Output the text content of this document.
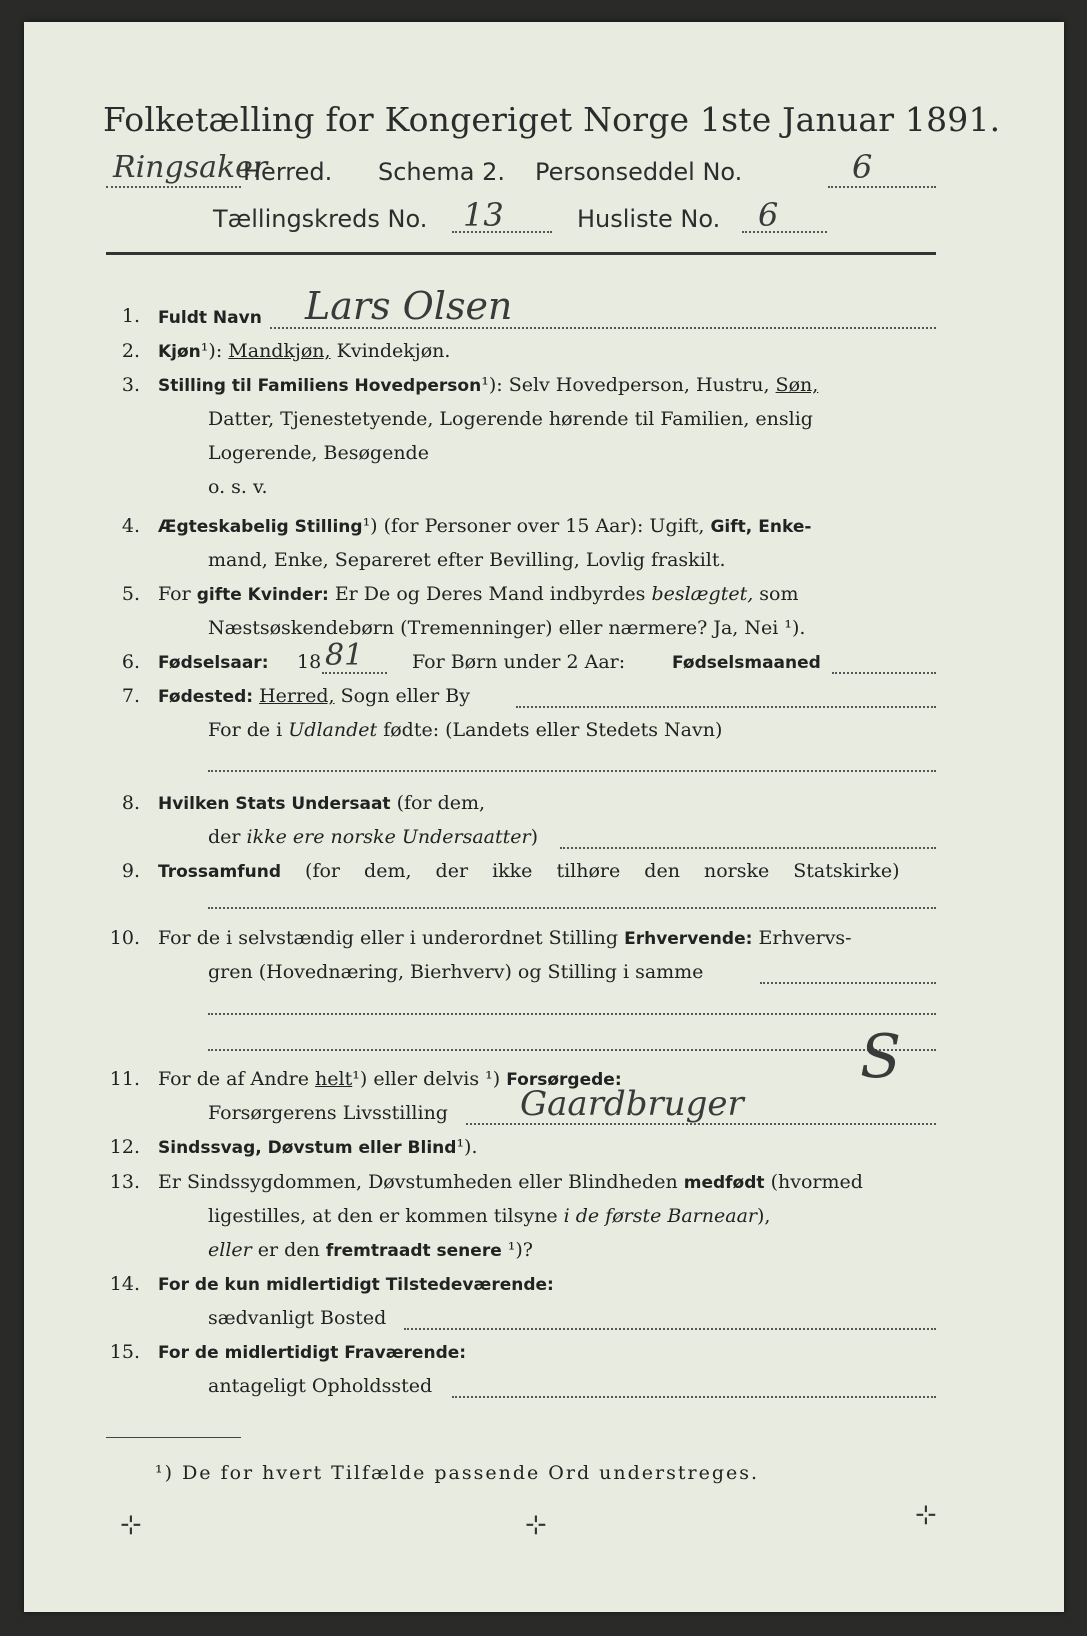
Folketælling for Kongeriget Norge 1ste Januar 1891.
Ringsaker
Herred. Schema 2. Personseddel No.	6
Tællingskreds No. 13	Husliste No. 6
1. Fuldt Navn Lars Olsen
2. Kjøn¹): Mandkjøn, Kvindekjøn.
3. Stilling til Familiens Hovedperson¹): Selv Hovedperson, Hustru, Søn,
Datter, Tjenestetyende, Logerende hørende til Familien, enslig
Logerende, Besøgende
o. s. v.
4. Ægteskabelig Stilling¹) (for Personer over 15 Aar): Ugift, Gift, Enke-
mand, Enke, Separeret efter Bevilling, Lovlig fraskilt.
5. For gifte Kvinder: Er De og Deres Mand indbyrdes beslægtet, som
Næstsøskendebørn (Tremenninger) eller nærmere? Ja, Nei ¹).
6. Fødselsaar: 18 81	For Børn under 2 Aar:	Fødselsmaaned
7. Fødested: Herred, Sogn eller By
For de i Udlandet fødte: (Landets eller Stedets Navn)
8. Hvilken Stats Undersaat (for dem,
der ikke ere norske Undersaatter)
9. Trossamfund (for dem, der ikke tilhøre den norske Statskirke)
10. For de i selvstændig eller i underordnet Stilling Erhvervende: Erhvervs-
gren (Hovednæring, Bierhverv) og Stilling i samme
11. For de af Andre helt¹) eller delvis ¹) Forsørgede:	S
Forsørgerens Livsstilling Gaardbruger
12. Sindssvag, Døvstum eller Blind¹).
13. Er Sindssygdommen, Døvstumheden eller Blindheden medfødt (hvormed
ligestilles, at den er kommen tilsyne i de første Barneaar),
eller er den fremtraadt senere ¹)?
14. For de kun midlertidigt Tilstedeværende:
sædvanligt Bosted
15. For de midlertidigt Fraværende:
antageligt Opholdssted
¹) De for hvert Tilfælde passende Ord understreges.
⊹	⊹	⊹
